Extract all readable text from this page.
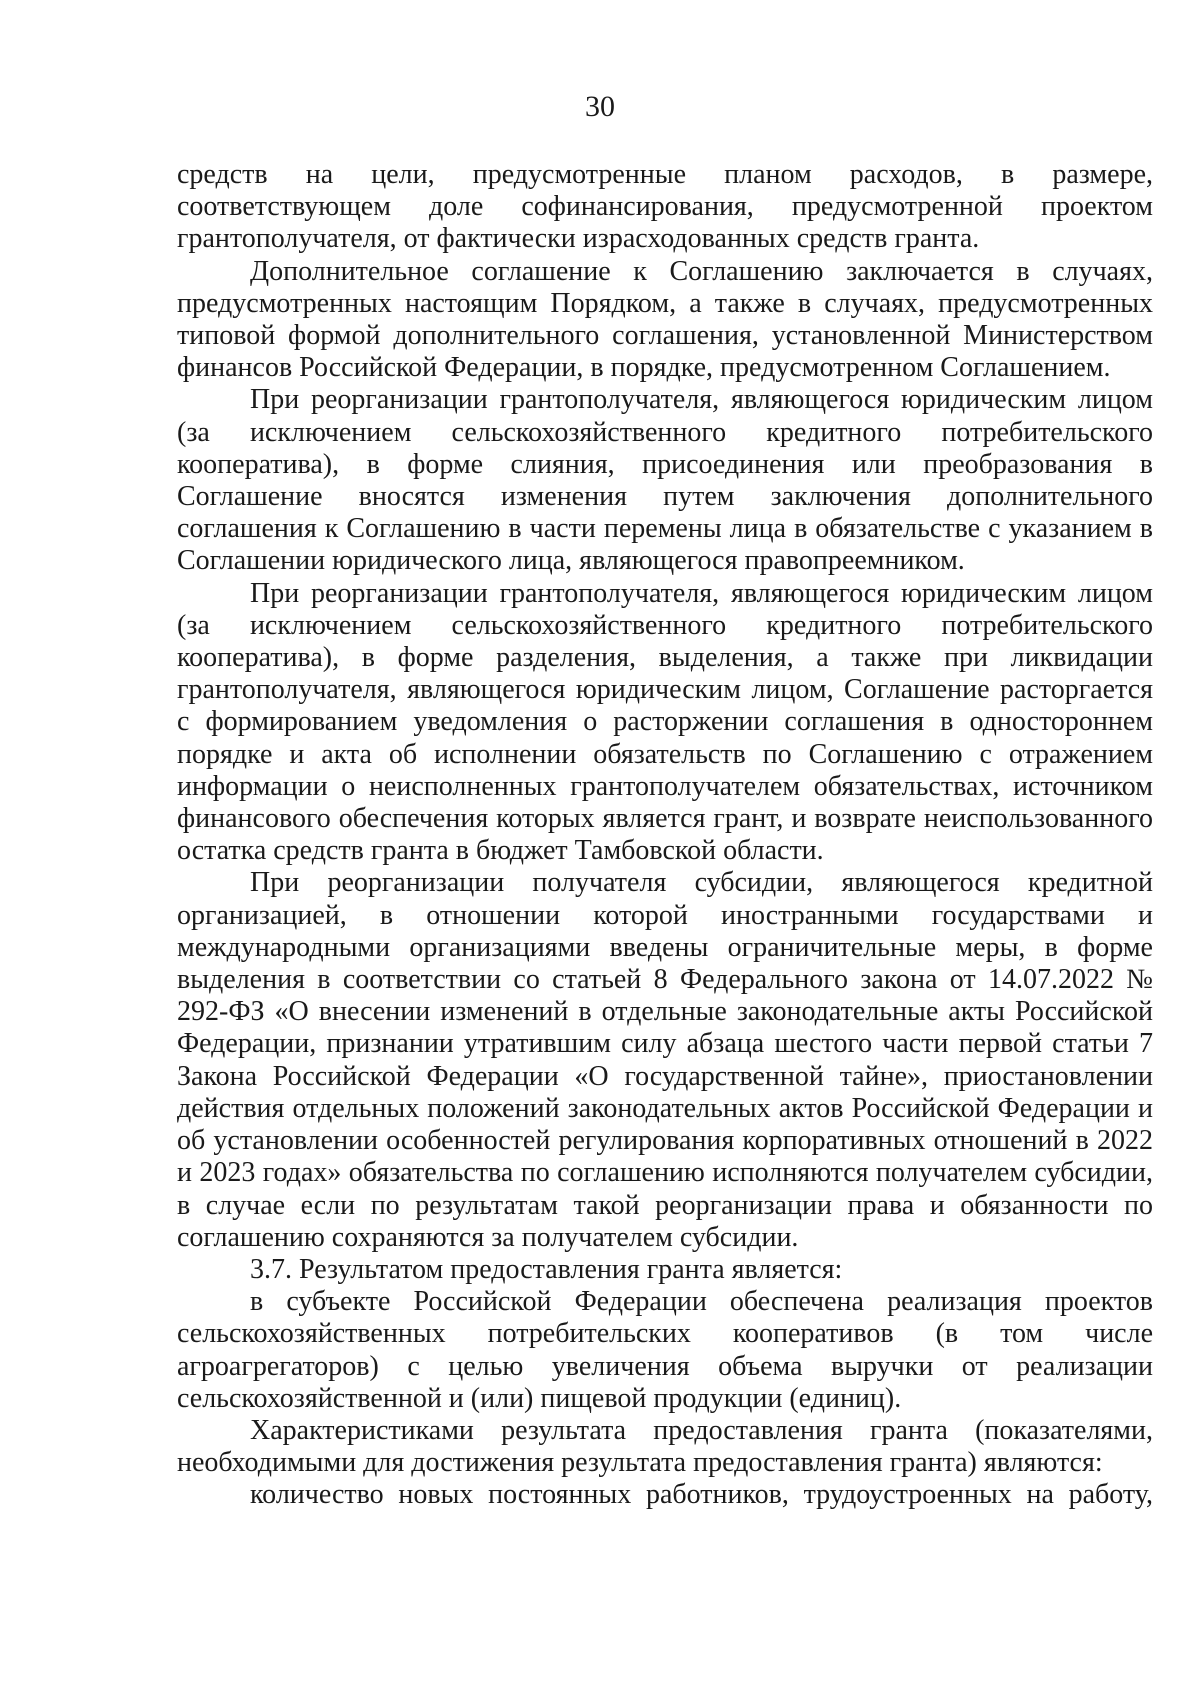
30

средств на цели, предусмотренные планом расходов, в размере, соответствующем доле софинансирования, предусмотренной проектом грантополучателя, от фактически израсходованных средств гранта.

Дополнительное соглашение к Соглашению заключается в случаях, предусмотренных настоящим Порядком, а также в случаях, предусмотренных типовой формой дополнительного соглашения, установленной Министерством финансов Российской Федерации, в порядке, предусмотренном Соглашением.

При реорганизации грантополучателя, являющегося юридическим лицом (за исключением сельскохозяйственного кредитного потребительского кооператива), в форме слияния, присоединения или преобразования в Соглашение вносятся изменения путем заключения дополнительного соглашения к Соглашению в части перемены лица в обязательстве с указанием в Соглашении юридического лица, являющегося правопреемником.

При реорганизации грантополучателя, являющегося юридическим лицом (за исключением сельскохозяйственного кредитного потребительского кооператива), в форме разделения, выделения, а также при ликвидации грантополучателя, являющегося юридическим лицом, Соглашение расторгается с формированием уведомления о расторжении соглашения в одностороннем порядке и акта об исполнении обязательств по Соглашению с отражением информации о неисполненных грантополучателем обязательствах, источником финансового обеспечения которых является грант, и возврате неиспользованного остатка средств гранта в бюджет Тамбовской области.

При реорганизации получателя субсидии, являющегося кредитной организацией, в отношении которой иностранными государствами и международными организациями введены ограничительные меры, в форме выделения в соответствии со статьей 8 Федерального закона от 14.07.2022 № 292-ФЗ «О внесении изменений в отдельные законодательные акты Российской Федерации, признании утратившим силу абзаца шестого части первой статьи 7 Закона Российской Федерации «О государственной тайне», приостановлении действия отдельных положений законодательных актов Российской Федерации и об установлении особенностей регулирования корпоративных отношений в 2022 и 2023 годах» обязательства по соглашению исполняются получателем субсидии, в случае если по результатам такой реорганизации права и обязанности по соглашению сохраняются за получателем субсидии.

3.7. Результатом предоставления гранта является:

в субъекте Российской Федерации обеспечена реализация проектов сельскохозяйственных потребительских кооперативов (в том числе агроагрегаторов) с целью увеличения объема выручки от реализации сельскохозяйственной и (или) пищевой продукции (единиц).

Характеристиками результата предоставления гранта (показателями, необходимыми для достижения результата предоставления гранта) являются:

количество новых постоянных работников, трудоустроенных на работу,
